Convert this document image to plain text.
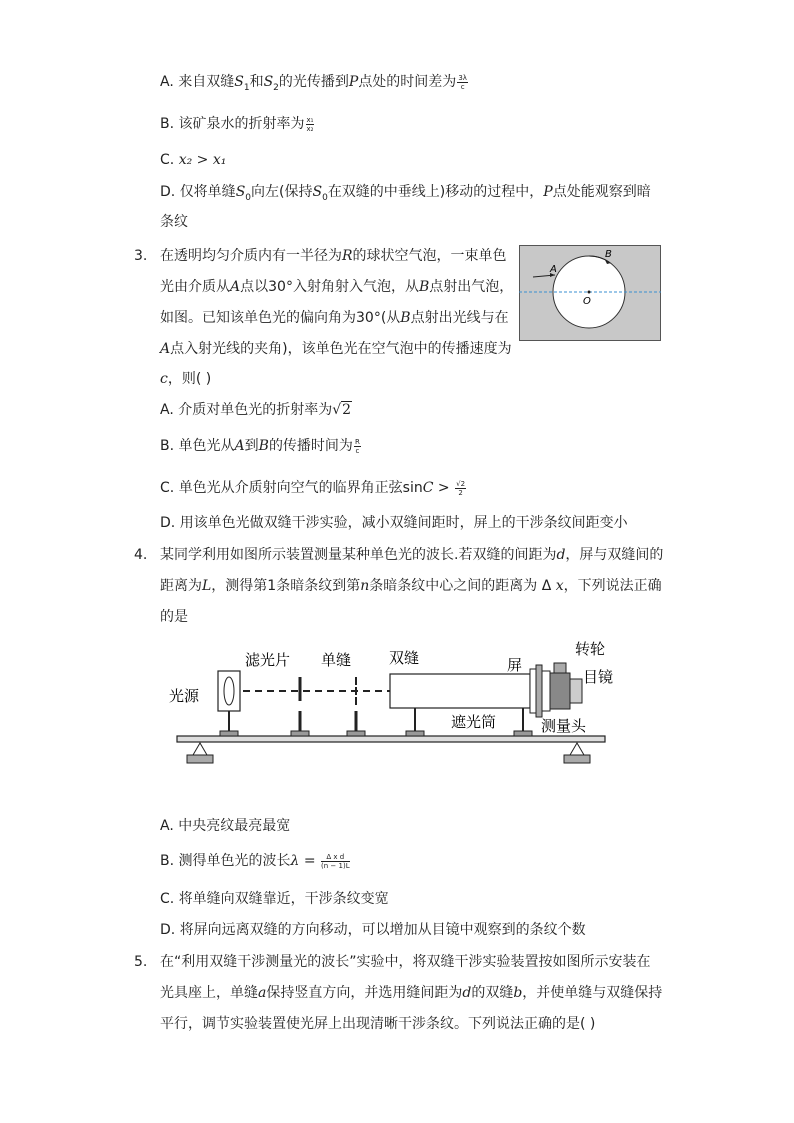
A. 来自双缝$S_1$和$S_2$的光传播到P点处的时间差为 $\frac{3\lambda}{c}$
B. 该矿泉水的折射率为 $\frac{\text{x₁}}{\text{x₂}}$
C. x₂ > x₁
D. 仅将单缝$S_0$向左(保持$S_0$在双缝的中垂线上)移动的过程中，P点处能观察到暗
条纹
3. 在透明均匀介质内有一半径为R的球状空气泡，一束单色
光由介质从A点以30°入射角射入气泡，从B点射出气泡，
如图。已知该单色光的偏向角为30°(从B点射出光线与在
A点入射光线的夹角)，该单色光在空气泡中的传播速度为
c，则( )
A
B
O
A. 介质对单色光的折射率为√2
B. 单色光从A到B的传播时间为 $\frac{R}{c}$
C. 单色光从介质射向空气的临界角正弦$\sin C > \frac{√2}{2}$
D. 用该单色光做双缝干涉实验，减小双缝间距时，屏上的干涉条纹间距变小
4. 某同学利用如图所示装置测量某种单色光的波长.若双缝的间距为d，屏与双缝间的
距离为L，测得第1条暗条纹到第n条暗条纹中心之间的距离为 Δ x，下列说法正确
的是
滤光片 单缝	双缝	屏
转轮
目镜
光源
遮光筒	测量头
A. 中央亮纹最亮最宽
B. 测得单色光的波长$\lambda = \frac{\text{Δ x d}}{(n - 1)L}$
C. 将单缝向双缝靠近，干涉条纹变宽
D. 将屏向远离双缝的方向移动，可以增加从目镜中观察到的条纹个数
5. 在“利用双缝干涉测量光的波长”实验中，将双缝干涉实验装置按如图所示安装在
光具座上，单缝a保持竖直方向，并选用缝间距为d的双缝b，并使单缝与双缝保持
平行，调节实验装置使光屏上出现清晰干涉条纹。下列说法正确的是( )
